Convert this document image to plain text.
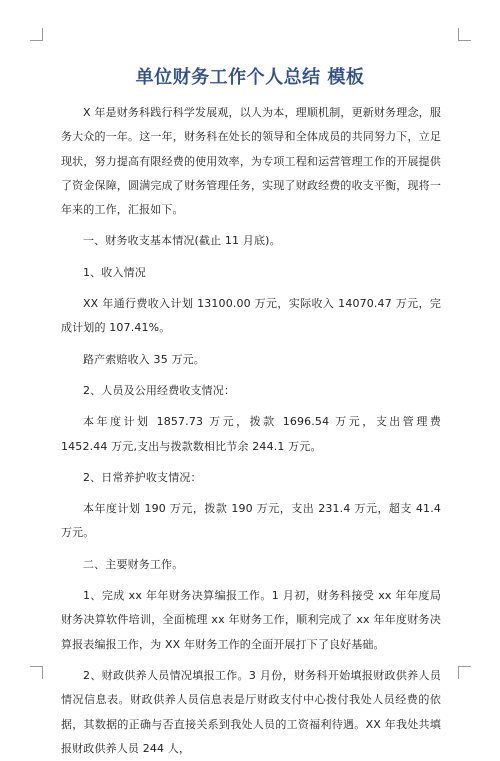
单位财务工作个人总结 模板

X 年是财务科践行科学发展观，以人为本，理顺机制，更新财务理念，服务大众的一年。这一年，财务科在处长的领导和全体成员的共同努力下，立足现状，努力提高有限经费的使用效率，为专项工程和运营管理工作的开展提供了资金保障，圆满完成了财务管理任务，实现了财政经费的收支平衡，现将一年来的工作，汇报如下。

一、财务收支基本情况(截止 11 月底)。

1、收入情况

XX 年通行费收入计划 13100.00 万元，实际收入 14070.47 万元，完成计划的 107.41%。

路产索赔收入 35 万元。

2、人员及公用经费收支情况：

本年度计划 1857.73 万元，拨款 1696.54 万元，支出管理费 1452.44 万元,支出与拨款数相比节余 244.1 万元。

2、日常养护收支情况：

本年度计划 190 万元，拨款 190 万元，支出 231.4 万元，超支 41.4 万元。

二、主要财务工作。

1、完成 xx 年年财务决算编报工作。1 月初，财务科接受 xx 年年度局财务决算软件培训，全面梳理 xx 年财务工作，顺利完成了 xx 年年度财务决算报表编报工作，为 XX 年财务工作的全面开展打下了良好基础。

2、财政供养人员情况填报工作。3 月份，财务科开始填报财政供养人员情况信息表。财政供养人员信息表是厅财政支付中心拨付我处人员经费的依据，其数据的正确与否直接关系到我处人员的工资福利待遇。XX 年我处共填报财政供养人员 244 人，
